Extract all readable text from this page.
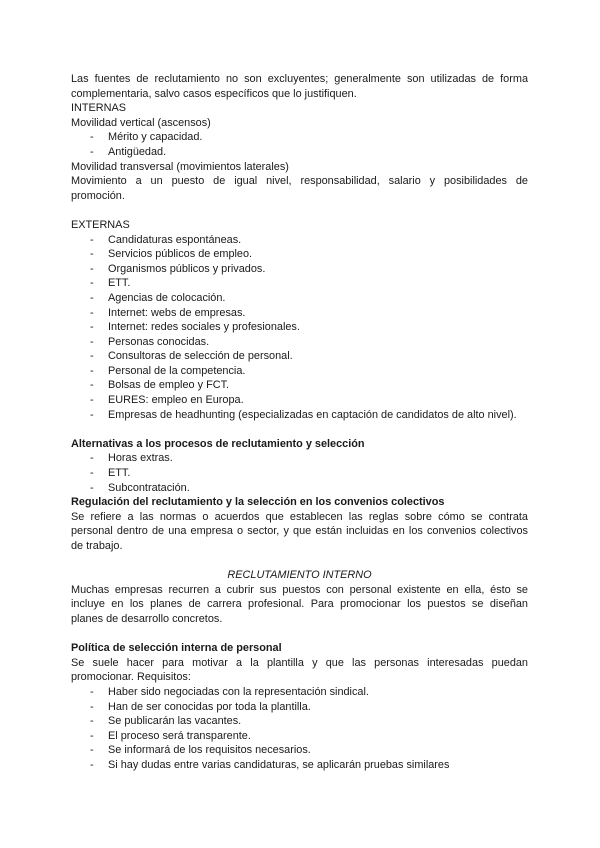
Las fuentes de reclutamiento no son excluyentes; generalmente son utilizadas de forma

complementaria, salvo casos específicos que lo justifiquen.

INTERNAS

Movilidad vertical (ascensos)

- Mérito y capacidad.
- Antigüedad.

Movilidad transversal (movimientos laterales)

Movimiento a un puesto de igual nivel, responsabilidad, salario y posibilidades de

promoción.

EXTERNAS

- Candidaturas espontáneas.
- Servicios públicos de empleo.
- Organismos públicos y privados.
- ETT.
- Agencias de colocación.
- Internet: webs de empresas.
- Internet: redes sociales y profesionales.
- Personas conocidas.
- Consultoras de selección de personal.
- Personal de la competencia.
- Bolsas de empleo y FCT.
- EURES: empleo en Europa.
- Empresas de headhunting (especializadas en captación de candidatos de alto nivel).

Alternativas a los procesos de reclutamiento y selección

- Horas extras.
- ETT.
- Subcontratación.

Regulación del reclutamiento y la selección en los convenios colectivos

Se refiere a las normas o acuerdos que establecen las reglas sobre cómo se contrata

personal dentro de una empresa o sector, y que están incluidas en los convenios colectivos

de trabajo.

RECLUTAMIENTO INTERNO

Muchas empresas recurren a cubrir sus puestos con personal existente en ella, ésto se

incluye en los planes de carrera profesional. Para promocionar los puestos se diseñan

planes de desarrollo concretos.

Política de selección interna de personal

Se suele hacer para motivar a la plantilla y que las personas interesadas puedan

promocionar. Requisitos:

- Haber sido negociadas con la representación sindical.
- Han de ser conocidas por toda la plantilla.
- Se publicarán las vacantes.
- El proceso será transparente.
- Se informará de los requisitos necesarios.
- Si hay dudas entre varias candidaturas, se aplicarán pruebas similares
